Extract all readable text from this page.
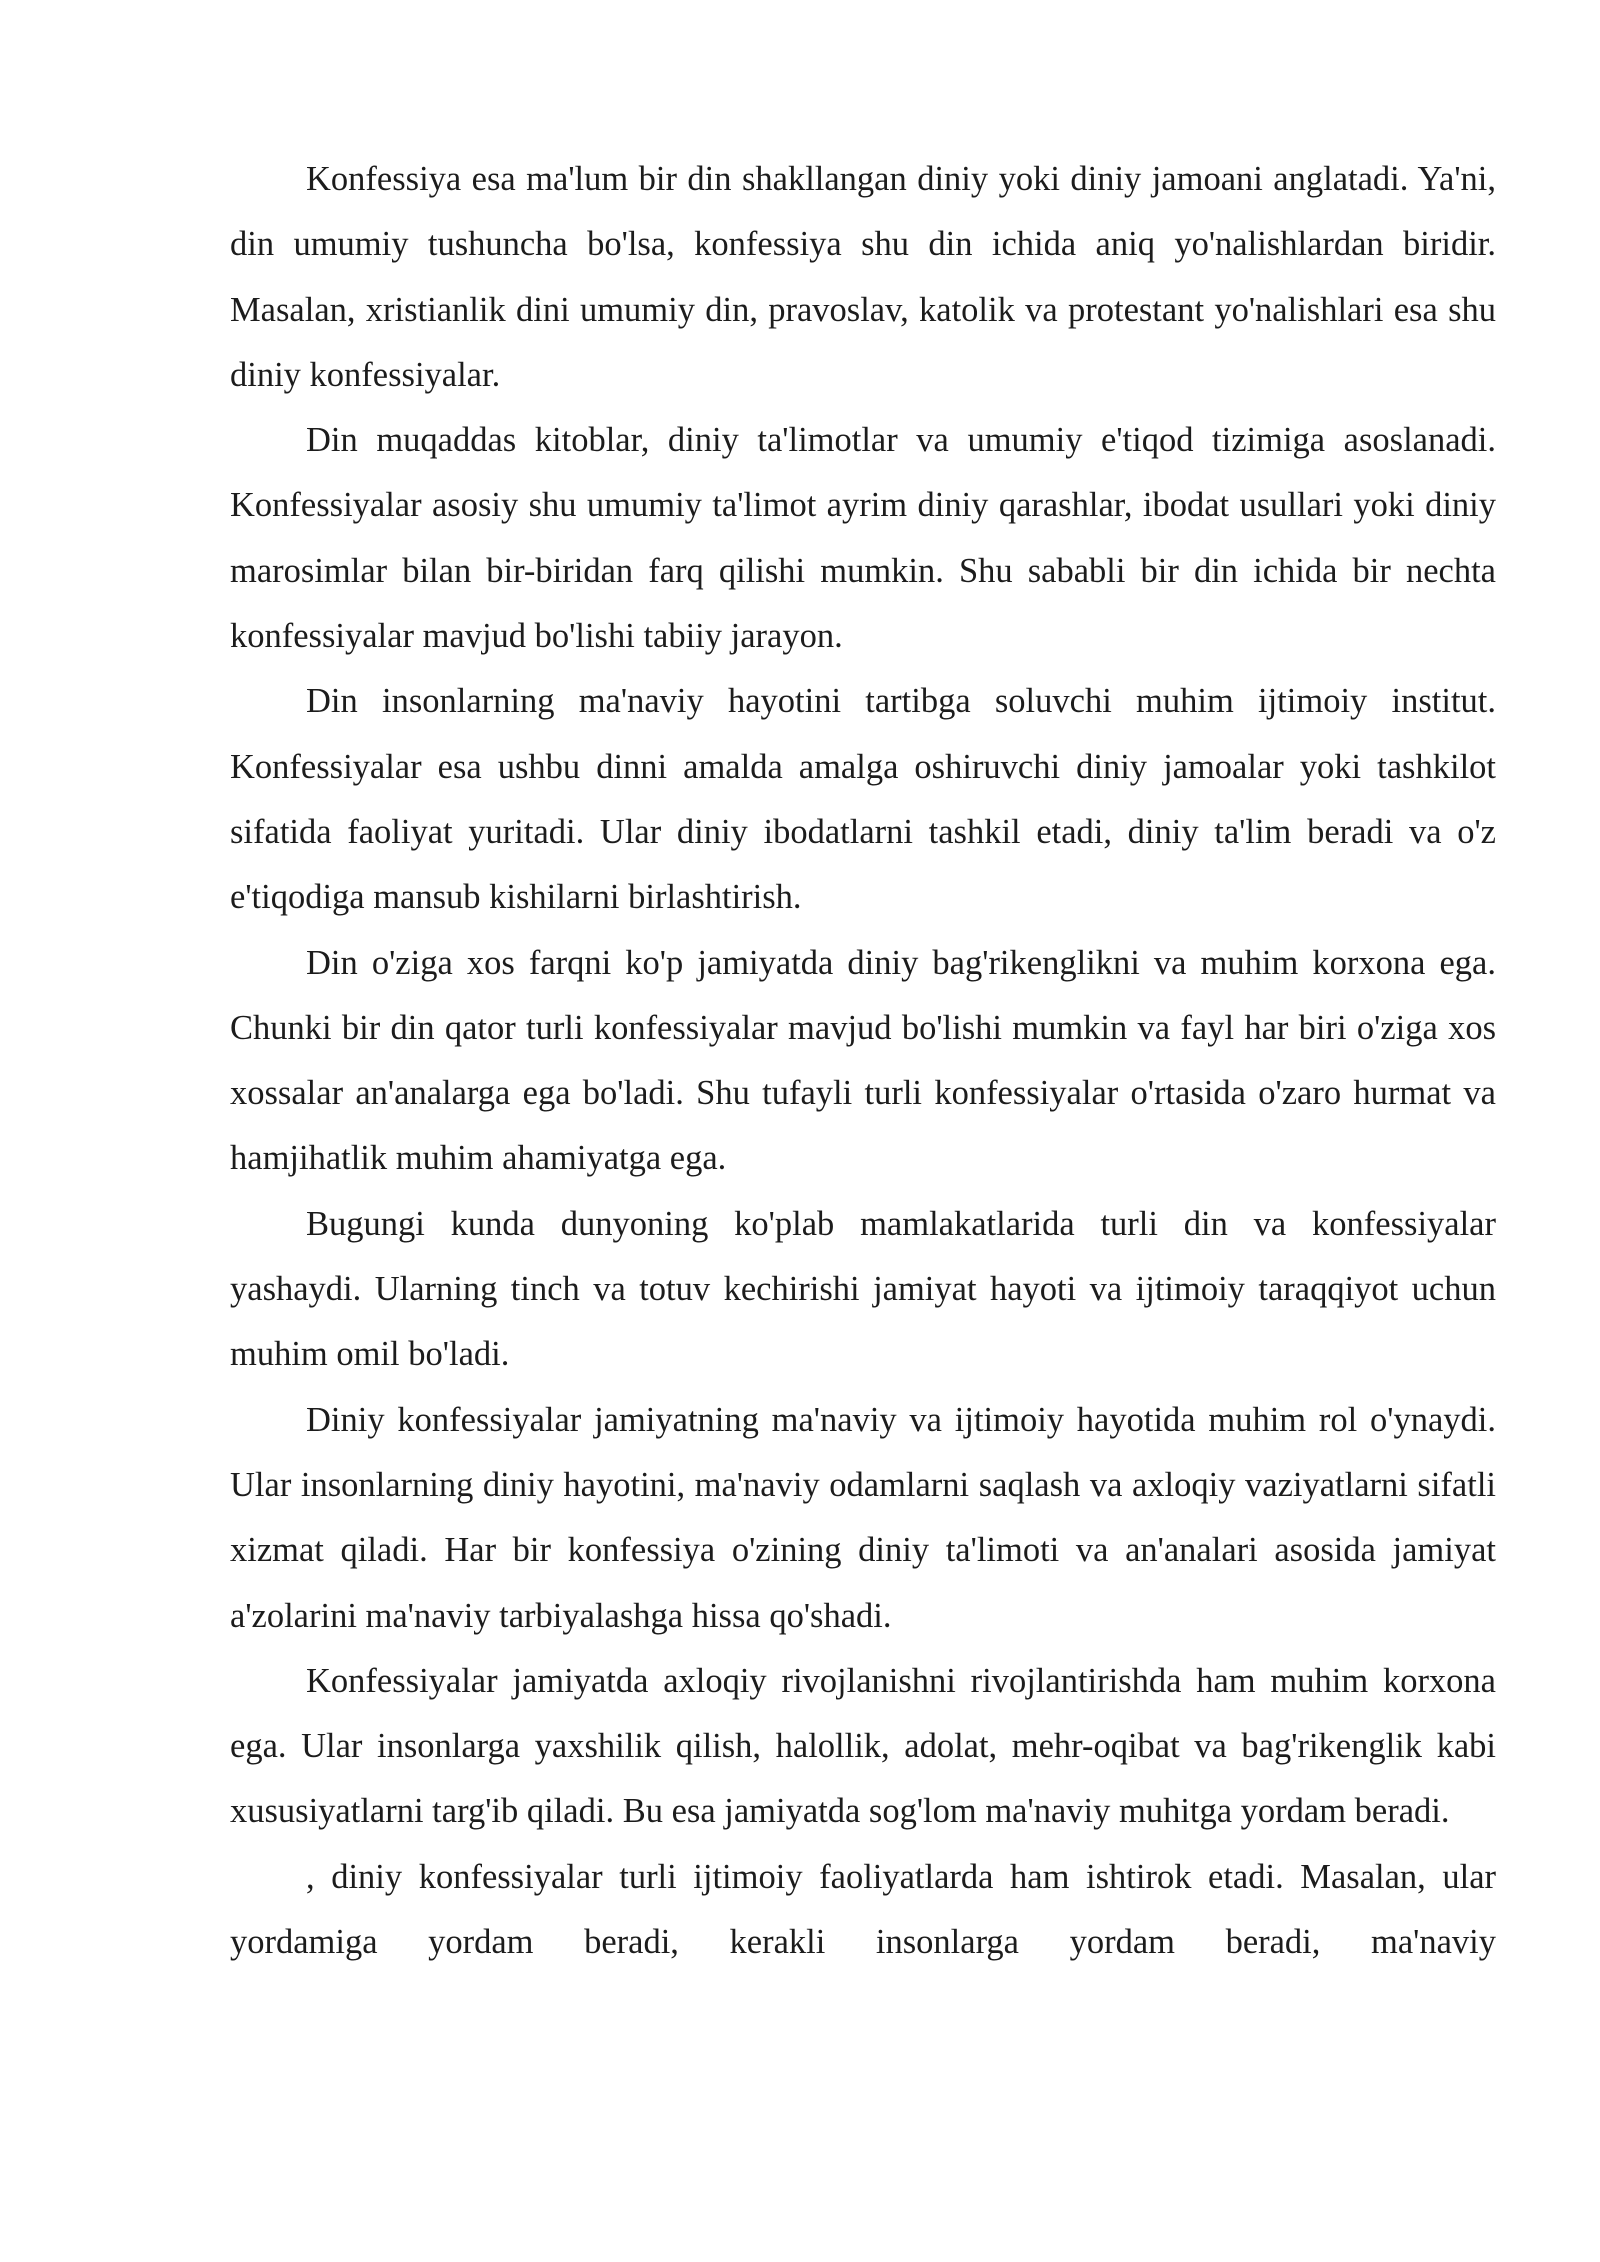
Konfessiya esa ma'lum bir din shakllangan diniy yoki diniy jamoani anglatadi. Ya'ni, din umumiy tushuncha bo'lsa, konfessiya shu din ichida aniq yo'nalishlardan biridir. Masalan, xristianlik dini umumiy din, pravoslav, katolik va protestant yo'nalishlari esa shu diniy konfessiyalar.

Din muqaddas kitoblar, diniy ta'limotlar va umumiy e'tiqod tizimiga asoslanadi. Konfessiyalar asosiy shu umumiy ta'limot ayrim diniy qarashlar, ibodat usullari yoki diniy marosimlar bilan bir-biridan farq qilishi mumkin. Shu sababli bir din ichida bir nechta konfessiyalar mavjud bo'lishi tabiiy jarayon.

Din insonlarning ma'naviy hayotini tartibga soluvchi muhim ijtimoiy institut. Konfessiyalar esa ushbu dinni amalda amalga oshiruvchi diniy jamoalar yoki tashkilot sifatida faoliyat yuritadi. Ular diniy ibodatlarni tashkil etadi, diniy ta'lim beradi va o'z e'tiqodiga mansub kishilarni birlashtirish.

Din o'ziga xos farqni ko'p jamiyatda diniy bag'rikenglikni va muhim korxona ega. Chunki bir din qator turli konfessiyalar mavjud bo'lishi mumkin va fayl har biri o'ziga xos xossalar an'analarga ega bo'ladi. Shu tufayli turli konfessiyalar o'rtasida o'zaro hurmat va hamjihatlik muhim ahamiyatga ega.

Bugungi kunda dunyoning ko'plab mamlakatlarida turli din va konfessiyalar yashaydi. Ularning tinch va totuv kechirishi jamiyat hayoti va ijtimoiy taraqqiyot uchun muhim omil bo'ladi.

Diniy konfessiyalar jamiyatning ma'naviy va ijtimoiy hayotida muhim rol o'ynaydi. Ular insonlarning diniy hayotini, ma'naviy odamlarni saqlash va axloqiy vaziyatlarni sifatli xizmat qiladi. Har bir konfessiya o'zining diniy ta'limoti va an'analari asosida jamiyat a'zolarini ma'naviy tarbiyalashga hissa qo'shadi.

Konfessiyalar jamiyatda axloqiy rivojlanishni rivojlantirishda ham muhim korxona ega. Ular insonlarga yaxshilik qilish, halollik, adolat, mehr-oqibat va bag'rikenglik kabi xususiyatlarni targ'ib qiladi. Bu esa jamiyatda sog'lom ma'naviy muhitga yordam beradi.

, diniy konfessiyalar turli ijtimoiy faoliyatlarda ham ishtirok etadi. Masalan, ular yordamiga yordam beradi, kerakli insonlarga yordam beradi, ma'naviy
